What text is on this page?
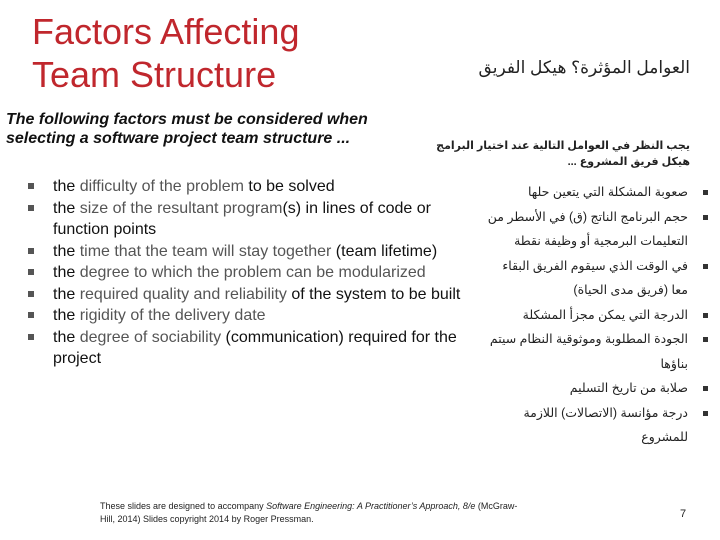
Factors Affecting
Team Structure	العوامل المؤثرة؟ هيكل الفريق
The following factors must be considered when selecting a software project team structure ...	يجب النظر في العوامل التالية عند اختيار البرامج هيكل فريق المشروع ...
the difficulty of the problem to be solved
the size of the resultant program(s) in lines of code or function points
the time that the team will stay together (team lifetime)
the degree to which the problem can be modularized
the required quality and reliability of the system to be built
the rigidity of the delivery date
the degree of sociability (communication) required for the project
صعوبة المشكلة التي يتعين حلها
حجم البرنامج الناتج (ق) في الأسطر من التعليمات البرمجية أو وظيفة نقطة
في الوقت الذي سيقوم الفريق البقاء معا (فريق مدى الحياة)
الدرجة التي يمكن مجزأ المشكلة
الجودة المطلوبة وموثوقية النظام سيتم بناؤها
صلابة من تاريخ التسليم
درجة مؤانسة (الاتصالات) اللازمة للمشروع
These slides are designed to accompany Software Engineering: A Practitioner’s Approach, 8/e (McGraw-Hill, 2014) Slides copyright 2014 by Roger Pressman.	7
